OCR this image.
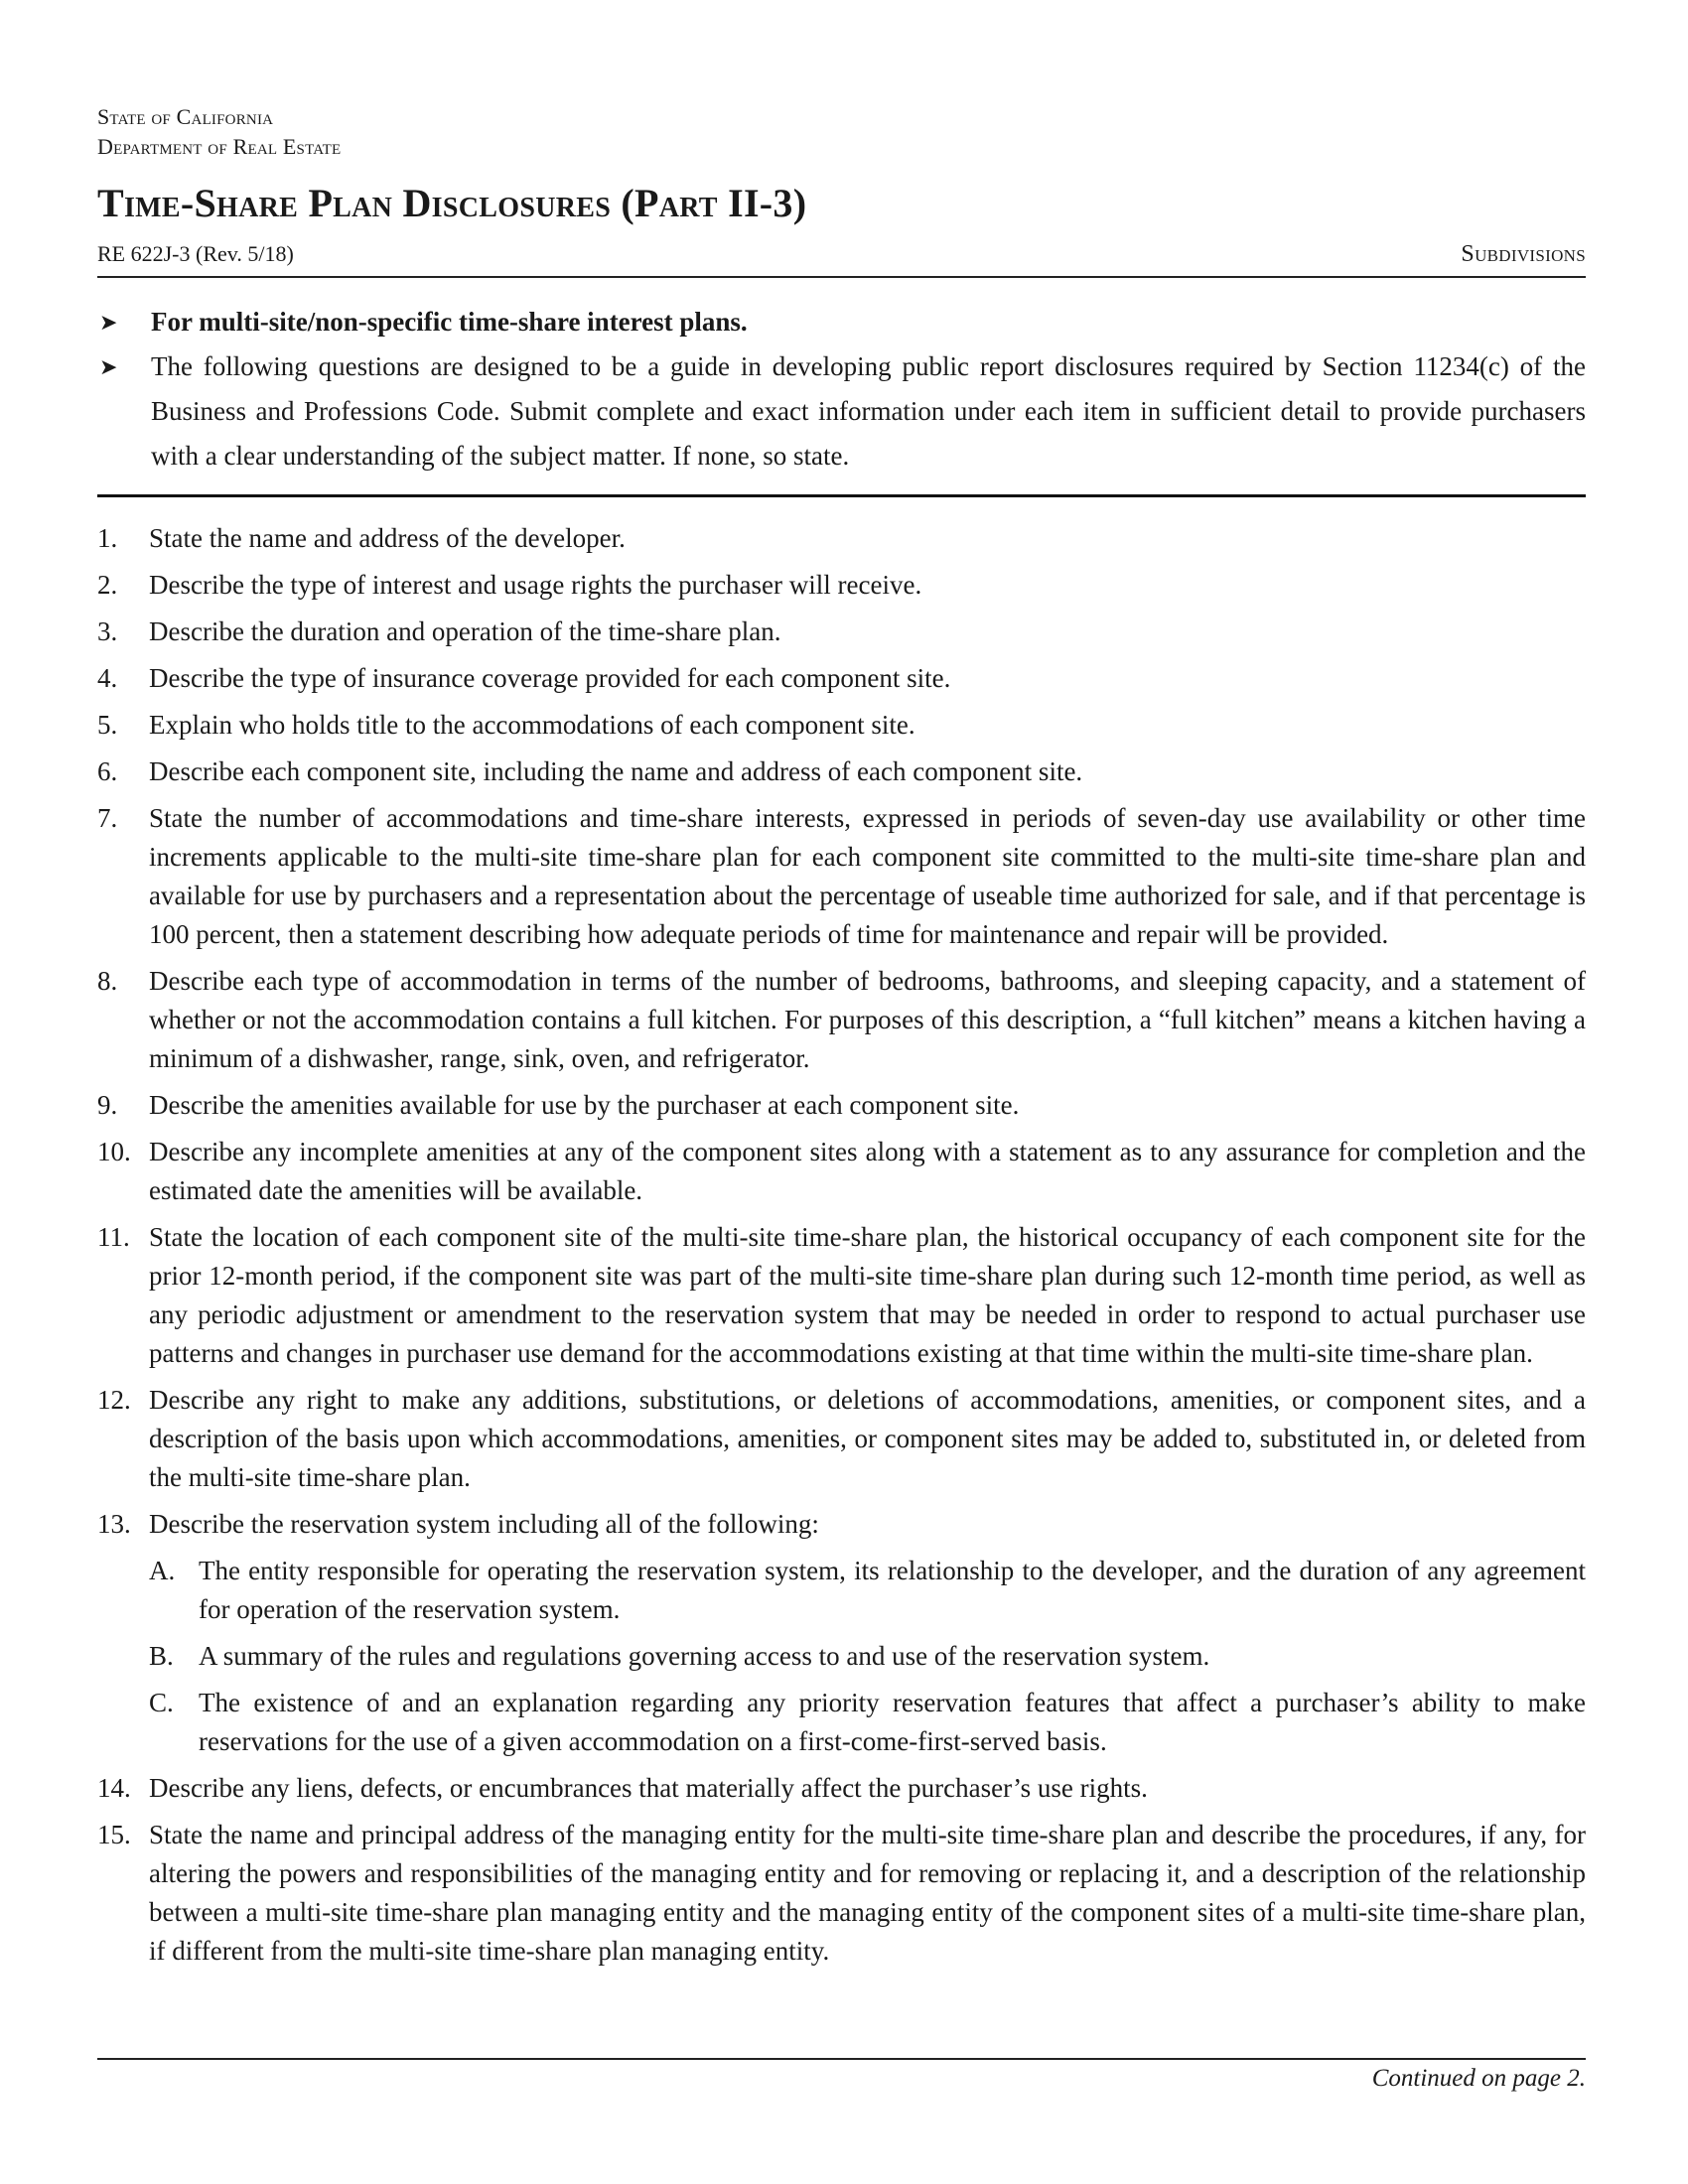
State of California
Department of Real Estate
Time-Share Plan Disclosures (Part II-3)
RE 622J-3 (Rev. 5/18)	Subdivisions
➤	For multi-site/non-specific time-share interest plans.
➤	The following questions are designed to be a guide in developing public report disclosures required by Section 11234(c) of the Business and Professions Code. Submit complete and exact information under each item in sufficient detail to provide purchasers with a clear understanding of the subject matter. If none, so state.
1.	State the name and address of the developer.
2.	Describe the type of interest and usage rights the purchaser will receive.
3.	Describe the duration and operation of the time-share plan.
4.	Describe the type of insurance coverage provided for each component site.
5.	Explain who holds title to the accommodations of each component site.
6.	Describe each component site, including the name and address of each component site.
7.	State the number of accommodations and time-share interests, expressed in periods of seven-day use availability or other time increments applicable to the multi-site time-share plan for each component site committed to the multi-site time-share plan and available for use by purchasers and a representation about the percentage of useable time authorized for sale, and if that percentage is 100 percent, then a statement describing how adequate periods of time for maintenance and repair will be provided.
8.	Describe each type of accommodation in terms of the number of bedrooms, bathrooms, and sleeping capacity, and a statement of whether or not the accommodation contains a full kitchen. For purposes of this description, a “full kitchen” means a kitchen having a minimum of a dishwasher, range, sink, oven, and refrigerator.
9.	Describe the amenities available for use by the purchaser at each component site.
10. Describe any incomplete amenities at any of the component sites along with a statement as to any assurance for completion and the estimated date the amenities will be available.
11. State the location of each component site of the multi-site time-share plan, the historical occupancy of each component site for the prior 12-month period, if the component site was part of the multi-site time-share plan during such 12-month time period, as well as any periodic adjustment or amendment to the reservation system that may be needed in order to respond to actual purchaser use patterns and changes in purchaser use demand for the accommodations existing at that time within the multi-site time-share plan.
12. Describe any right to make any additions, substitutions, or deletions of accommodations, amenities, or component sites, and a description of the basis upon which accommodations, amenities, or component sites may be added to, substituted in, or deleted from the multi-site time-share plan.
13. Describe the reservation system including all of the following:
A. The entity responsible for operating the reservation system, its relationship to the developer, and the duration of any agreement for operation of the reservation system.
B. A summary of the rules and regulations governing access to and use of the reservation system.
C. The existence of and an explanation regarding any priority reservation features that affect a purchaser’s ability to make reservations for the use of a given accommodation on a first-come-first-served basis.
14. Describe any liens, defects, or encumbrances that materially affect the purchaser’s use rights.
15. State the name and principal address of the managing entity for the multi-site time-share plan and describe the procedures, if any, for altering the powers and responsibilities of the managing entity and for removing or replacing it, and a description of the relationship between a multi-site time-share plan managing entity and the managing entity of the component sites of a multi-site time-share plan, if different from the multi-site time-share plan managing entity.
Continued on page 2.
